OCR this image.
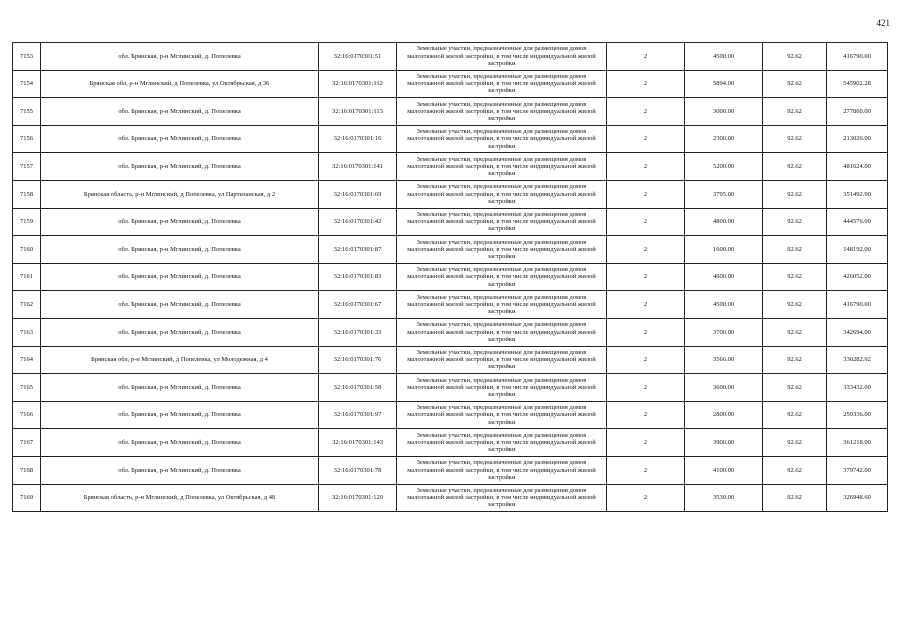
421
7153	обл. Брянская, р-н Мглинский, д. Попелевка	32:16:0170301:51	Земельные участки, предназначенные для размещения домов малоэтажной жилой застройки, в том числе индивидуальной жилой застройки	2	4500.00	92.62	416790.00
7154	Брянская обл, р-н Мглинский, д Попелевка, ул Октябрьская, д 36	32:16:0170301:112	Земельные участки, предназначенные для размещения домов малоэтажной жилой застройки, в том числе индивидуальной жилой застройки	2	5894.00	92.62	545902.28
7155	обл. Брянская, р-н Мглинский, д. Попелевка	32:16:0170301:113	Земельные участки, предназначенные для размещения домов малоэтажной жилой застройки, в том числе индивидуальной жилой застройки	2	3000.00	92.62	277860.00
7156	обл. Брянская, р-н Мглинский, д. Попелевка	32:16:0170301:16	Земельные участки, предназначенные для размещения домов малоэтажной жилой застройки, в том числе индивидуальной жилой застройки	2	2300.00	92.62	213026.00
7157	обл. Брянская, р-н Мглинский, д. Попелевка	32:16:0170301:141	Земельные участки, предназначенные для размещения домов малоэтажной жилой застройки, в том числе индивидуальной жилой застройки	2	5200.00	92.62	481624.00
7158	Брянская область, р-н Мглинский, д Попелевка, ул Партизанская, д 2	32:16:0170301:69	Земельные участки, предназначенные для размещения домов малоэтажной жилой застройки, в том числе индивидуальной жилой застройки	2	3795.00	92.62	351492.90
7159	обл. Брянская, р-н Мглинский, д. Попелевка	32:16:0170301:42	Земельные участки, предназначенные для размещения домов малоэтажной жилой застройки, в том числе индивидуальной жилой застройки	2	4800.00	92.62	444576.00
7160	обл. Брянская, р-н Мглинский, д. Попелевка	32:16:0170301:87	Земельные участки, предназначенные для размещения домов малоэтажной жилой застройки, в том числе индивидуальной жилой застройки	2	1600.00	92.62	148192.00
7161	обл. Брянская, р-н Мглинский, д. Попелевка	32:16:0170301:83	Земельные участки, предназначенные для размещения домов малоэтажной жилой застройки, в том числе индивидуальной жилой застройки	2	4600.00	92.62	426052.00
7162	обл. Брянская, р-н Мглинский, д. Попелевка	32:16:0170301:67	Земельные участки, предназначенные для размещения домов малоэтажной жилой застройки, в том числе индивидуальной жилой застройки	2	4500.00	92.62	416790.00
7163	обл. Брянская, р-н Мглинский, д. Попелевка	32:16:0170301:33	Земельные участки, предназначенные для размещения домов малоэтажной жилой застройки, в том числе индивидуальной жилой застройки	2	3700.00	92.62	342694.00
7164	Брянская обл, р-н Мглинский, д Попелевка, ул Молодежная, д 4	32:16:0170301:76	Земельные участки, предназначенные для размещения домов малоэтажной жилой застройки, в том числе индивидуальной жилой застройки	2	3566.00	92.62	330282.92
7165	обл. Брянская, р-н Мглинский, д. Попелевка	32:16:0170301:58	Земельные участки, предназначенные для размещения домов малоэтажной жилой застройки, в том числе индивидуальной жилой застройки	2	3600.00	92.62	333432.00
7166	обл. Брянская, р-н Мглинский, д. Попелевка	32:16:0170301:97	Земельные участки, предназначенные для размещения домов малоэтажной жилой застройки, в том числе индивидуальной жилой застройки	2	2800.00	92.62	259336.00
7167	обл. Брянская, р-н Мглинский, д. Попелевка	32:16:0170301:143	Земельные участки, предназначенные для размещения домов малоэтажной жилой застройки, в том числе индивидуальной жилой застройки	2	3900.00	92.62	361218.00
7168	обл. Брянская, р-н Мглинский, д. Попелевка	32:16:0170301:78	Земельные участки, предназначенные для размещения домов малоэтажной жилой застройки, в том числе индивидуальной жилой застройки	2	4100.00	92.62	379742.00
7169	Брянская область, р-н Мглинский, д Попелевка, ул Октябрьская, д 48	32:16:0170301:120	Земельные участки, предназначенные для размещения домов малоэтажной жилой застройки, в том числе индивидуальной жилой застройки	2	3530.00	92.62	326948.60
